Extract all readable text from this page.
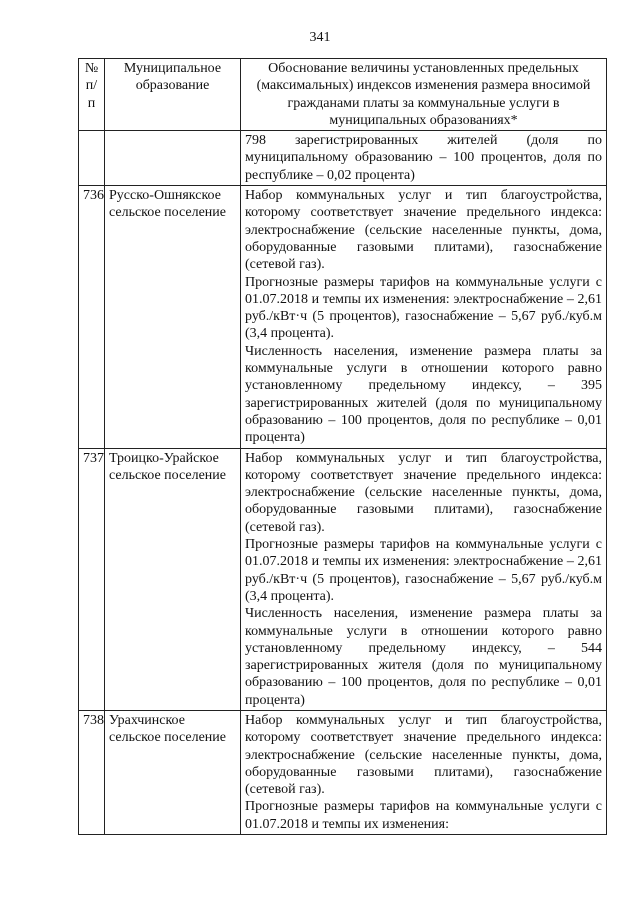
341
№ п/п	Муниципальное образование	Обоснование величины установленных предельных (максимальных) индексов изменения размера вносимой гражданами платы за коммунальные услуги в муниципальных образованиях*

		798 зарегистрированных жителей (доля по муниципальному образованию – 100 процентов, доля по республике – 0,02 процента)

736	Русско-Ошнякское сельское поселение	Набор коммунальных услуг и тип благоустройства, которому соответствует значение предельного индекса: электроснабжение (сельские населенные пункты, дома, оборудованные газовыми плитами), газоснабжение (сетевой газ).

Прогнозные размеры тарифов на коммунальные услуги с 01.07.2018 и темпы их изменения: электроснабжение – 2,61 руб./кВт·ч (5 процентов), газоснабжение – 5,67 руб./куб.м (3,4 процента).

Численность населения, изменение размера платы за коммунальные услуги в отношении которого равно установленному предельному индексу, – 395 зарегистрированных жителей (доля по муниципальному образованию – 100 процентов, доля по республике – 0,01 процента)

737	Троицко-Урайское сельское поселение	Набор коммунальных услуг и тип благоустройства, которому соответствует значение предельного индекса: электроснабжение (сельские населенные пункты, дома, оборудованные газовыми плитами), газоснабжение (сетевой газ).

Прогнозные размеры тарифов на коммунальные услуги с 01.07.2018 и темпы их изменения: электроснабжение – 2,61 руб./кВт·ч (5 процентов), газоснабжение – 5,67 руб./куб.м (3,4 процента).

Численность населения, изменение размера платы за коммунальные услуги в отношении которого равно установленному предельному индексу, – 544 зарегистрированных жителя (доля по муниципальному образованию – 100 процентов, доля по республике – 0,01 процента)

738	Урахчинское сельское поселение	Набор коммунальных услуг и тип благоустройства, которому соответствует значение предельного индекса: электроснабжение (сельские населенные пункты, дома, оборудованные газовыми плитами), газоснабжение (сетевой газ).

Прогнозные размеры тарифов на коммунальные услуги с 01.07.2018 и темпы их изменения:
